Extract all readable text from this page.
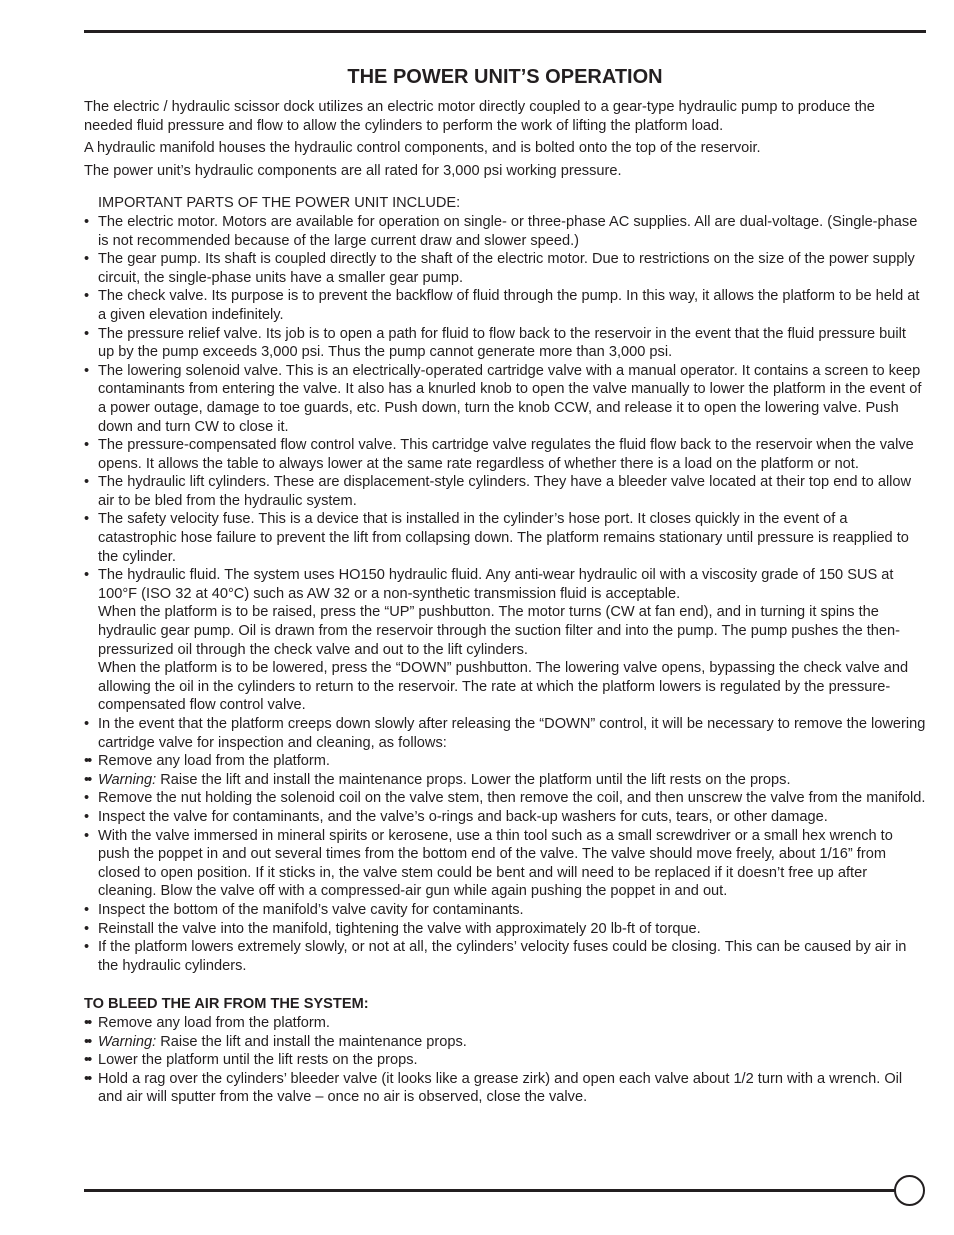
THE POWER UNIT’S OPERATION

The electric / hydraulic scissor dock utilizes an electric motor directly coupled to a gear-type hydraulic pump to produce the needed fluid pressure and flow to allow the cylinders to perform the work of lifting the platform load.

A hydraulic manifold houses the hydraulic control components, and is bolted onto the top of the reservoir.

The power unit’s hydraulic components are all rated for 3,000 psi working pressure.

IMPORTANT PARTS OF THE POWER UNIT INCLUDE:

• The electric motor. Motors are available for operation on single- or three-phase AC supplies. All are dual-voltage. (Single-phase is not recommended because of the large current draw and slower speed.)
• The gear pump. Its shaft is coupled directly to the shaft of the electric motor. Due to restrictions on the size of the power supply circuit, the single-phase units have a smaller gear pump.
• The check valve. Its purpose is to prevent the backflow of fluid through the pump. In this way, it allows the platform to be held at a given elevation indefinitely.
• The pressure relief valve. Its job is to open a path for fluid to flow back to the reservoir in the event that the fluid pressure built up by the pump exceeds 3,000 psi. Thus the pump cannot generate more than 3,000 psi.
• The lowering solenoid valve. This is an electrically-operated cartridge valve with a manual operator. It contains a screen to keep contaminants from entering the valve. It also has a knurled knob to open the valve manually to lower the platform in the event of a power outage, damage to toe guards, etc. Push down, turn the knob CCW, and release it to open the lowering valve. Push down and turn CW to close it.
• The pressure-compensated flow control valve. This cartridge valve regulates the fluid flow back to the reservoir when the valve opens. It allows the table to always lower at the same rate regardless of whether there is a load on the platform or not.
• The hydraulic lift cylinders. These are displacement-style cylinders. They have a bleeder valve located at their top end to allow air to be bled from the hydraulic system.
• The safety velocity fuse. This is a device that is installed in the cylinder’s hose port. It closes quickly in the event of a catastrophic hose failure to prevent the lift from collapsing down. The platform remains stationary until pressure is reapplied to the cylinder.
• The hydraulic fluid. The system uses HO150 hydraulic fluid. Any anti-wear hydraulic oil with a viscosity grade of 150 SUS at 100°F (ISO 32 at 40°C) such as AW 32 or a non-synthetic transmission fluid is acceptable.
When the platform is to be raised, press the “UP” pushbutton. The motor turns (CW at fan end), and in turning it spins the hydraulic gear pump. Oil is drawn from the reservoir through the suction filter and into the pump. The pump pushes the then-pressurized oil through the check valve and out to the lift cylinders.
When the platform is to be lowered, press the “DOWN” pushbutton. The lowering valve opens, bypassing the check valve and allowing the oil in the cylinders to return to the reservoir. The rate at which the platform lowers is regulated by the pressure-compensated flow control valve.
• In the event that the platform creeps down slowly after releasing the “DOWN” control, it will be necessary to remove the lowering cartridge valve for inspection and cleaning, as follows:
•• Remove any load from the platform.
•• Warning: Raise the lift and install the maintenance props. Lower the platform until the lift rests on the props.
• Remove the nut holding the solenoid coil on the valve stem, then remove the coil, and then unscrew the valve from the manifold.
• Inspect the valve for contaminants, and the valve’s o-rings and back-up washers for cuts, tears, or other damage.
• With the valve immersed in mineral spirits or kerosene, use a thin tool such as a small screwdriver or a small hex wrench to push the poppet in and out several times from the bottom end of the valve. The valve should move freely, about 1/16” from closed to open position. If it sticks in, the valve stem could be bent and will need to be replaced if it doesn’t free up after cleaning. Blow the valve off with a compressed-air gun while again pushing the poppet in and out.
• Inspect the bottom of the manifold’s valve cavity for contaminants.
• Reinstall the valve into the manifold, tightening the valve with approximately 20 lb-ft of torque.
• If the platform lowers extremely slowly, or not at all, the cylinders’ velocity fuses could be closing. This can be caused by air in the hydraulic cylinders.

TO BLEED THE AIR FROM THE SYSTEM:

•• Remove any load from the platform.
•• Warning: Raise the lift and install the maintenance props.
•• Lower the platform until the lift rests on the props.
•• Hold a rag over the cylinders’ bleeder valve (it looks like a grease zirk) and open each valve about 1/2 turn with a wrench. Oil and air will sputter from the valve – once no air is observed, close the valve.
